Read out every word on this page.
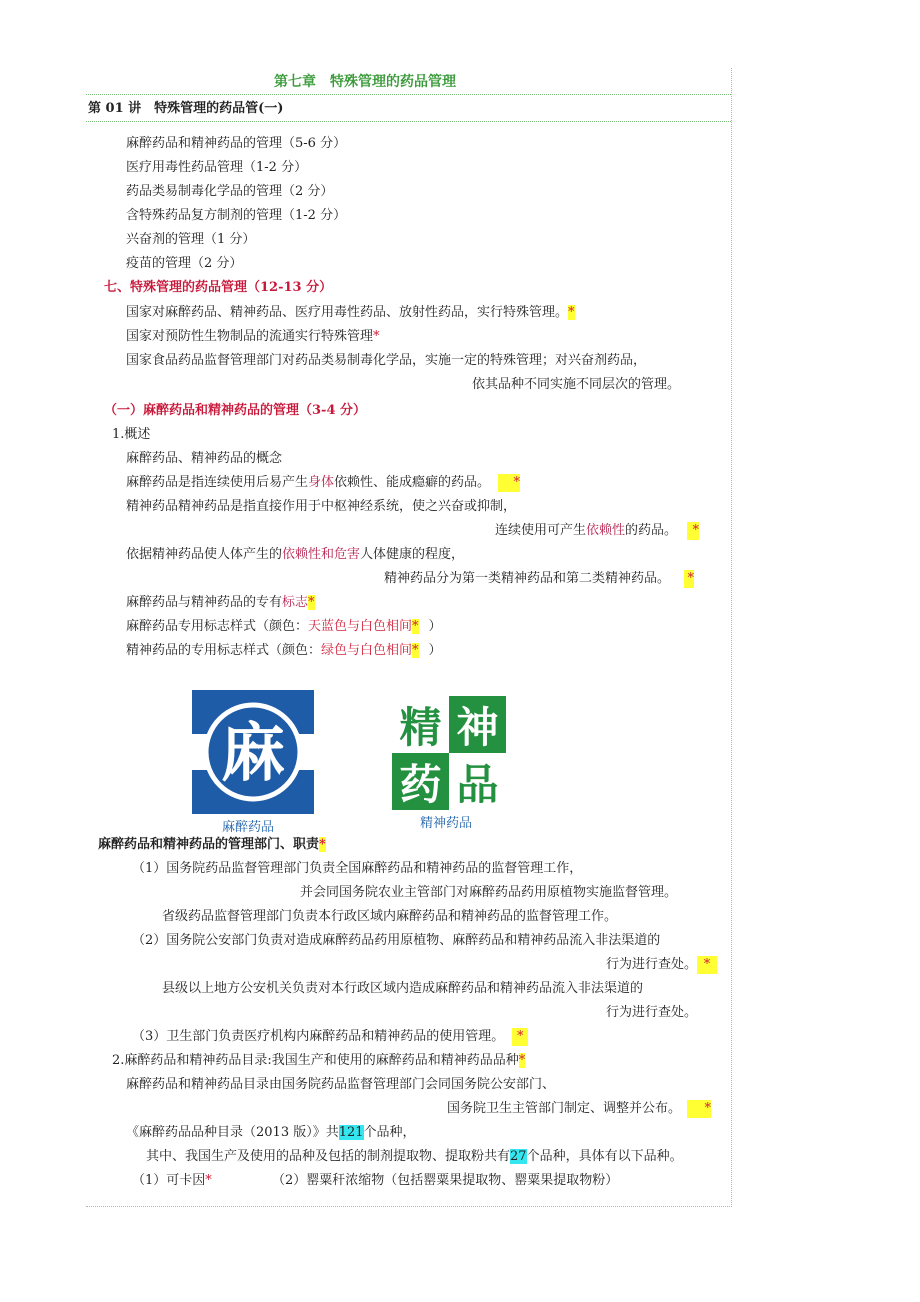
第七章　特殊管理的药品管理
第 01 讲　特殊管理的药品管(一)
麻醉药品和精神药品的管理（5-6 分）
医疗用毒性药品管理（1-2 分）
药品类易制毒化学品的管理（2 分）
含特殊药品复方制剂的管理（1-2 分）
兴奋剂的管理（1 分）
疫苗的管理（2 分）
七、特殊管理的药品管理（12-13 分）
国家对麻醉药品、精神药品、医疗用毒性药品、放射性药品，实行特殊管理。*
国家对预防性生物制品的流通实行特殊管理*
国家食品药品监督管理部门对药品类易制毒化学品，实施一定的特殊管理；对兴奋剂药品，
依其品种不同实施不同层次的管理。
（一）麻醉药品和精神药品的管理（3-4 分）
1.概述
麻醉药品、精神药品的概念
麻醉药品是指连续使用后易产生身体依赖性、能成瘾癖的药品。 *
精神药品精神药品是指直接作用于中枢神经系统，使之兴奋或抑制，
连续使用可产生依赖性的药品。 *
依据精神药品使人体产生的依赖性和危害人体健康的程度，
精神药品分为第一类精神药品和第二类精神药品。 *
麻醉药品与精神药品的专有标志*
麻醉药品专用标志样式（颜色：天蓝色与白色相间* ）
精神药品的专用标志样式（颜色：绿色与白色相间* ）
麻
麻醉药品
精 神
药 品
精神药品
麻醉药品和精神药品的管理部门、职责*
（1）国务院药品监督管理部门负责全国麻醉药品和精神药品的监督管理工作，
并会同国务院农业主管部门对麻醉药品药用原植物实施监督管理。
省级药品监督管理部门负责本行政区域内麻醉药品和精神药品的监督管理工作。
（2）国务院公安部门负责对造成麻醉药品药用原植物、麻醉药品和精神药品流入非法渠道的
行为进行查处。 *
县级以上地方公安机关负责对本行政区域内造成麻醉药品和精神药品流入非法渠道的
行为进行查处。
（3）卫生部门负责医疗机构内麻醉药品和精神药品的使用管理。 *
2.麻醉药品和精神药品目录:我国生产和使用的麻醉药品和精神药品品种*
麻醉药品和精神药品目录由国务院药品监督管理部门会同国务院公安部门、
国务院卫生主管部门制定、调整并公布。 *
《麻醉药品品种目录（2013 版）》共121个品种，
其中、我国生产及使用的品种及包括的制剂提取物、提取粉共有27个品种，具体有以下品种。
（1）可卡因*	（2）罂粟秆浓缩物（包括罂粟果提取物、罂粟果提取物粉）
